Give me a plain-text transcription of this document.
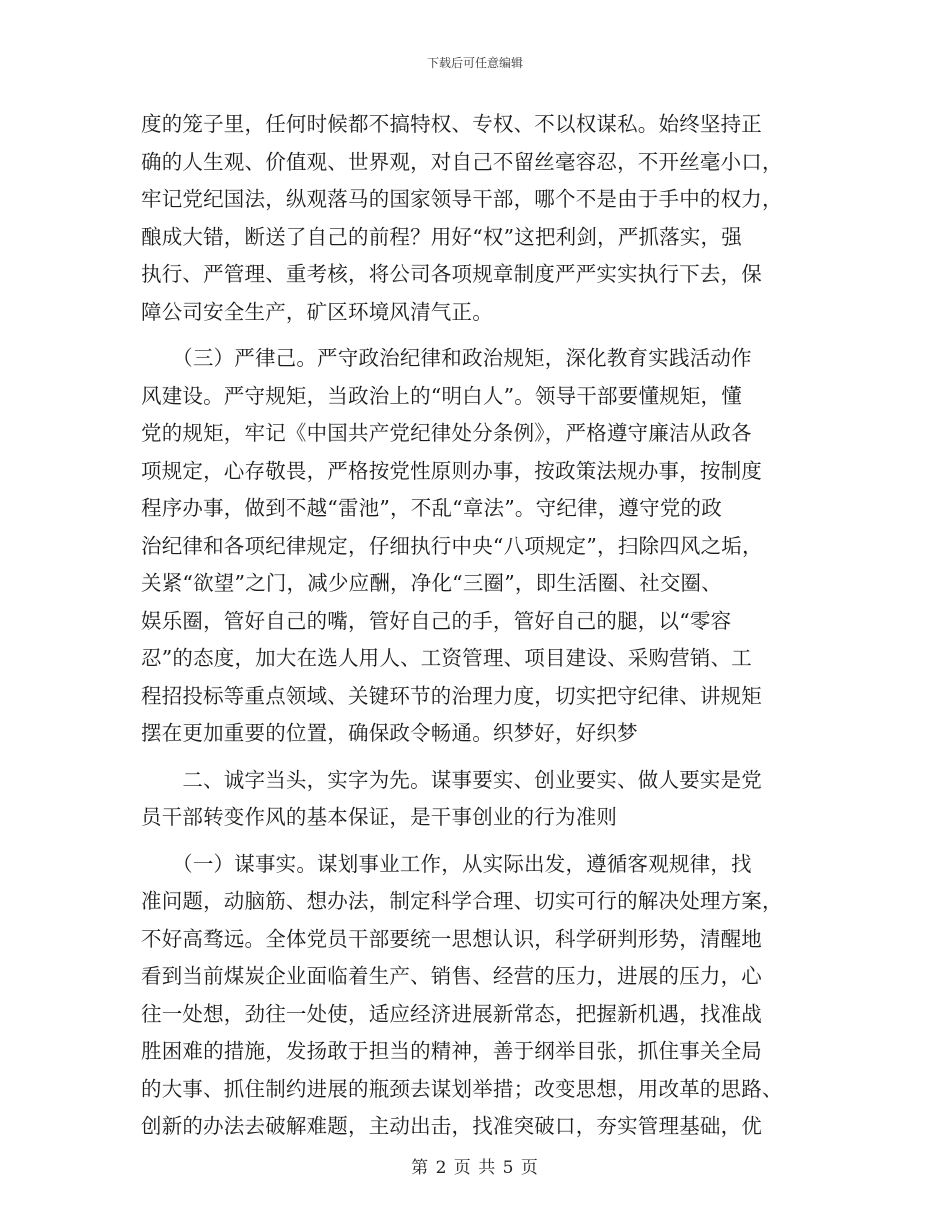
下载后可任意编辑
度的笼子里，任何时候都不搞特权、专权、不以权谋私。始终坚持正
确的人生观、价值观、世界观，对自己不留丝毫容忍，不开丝毫小口，
牢记党纪国法，纵观落马的国家领导干部，哪个不是由于手中的权力，
酿成大错，断送了自己的前程？用好“权”这把利剑，严抓落实，强
执行、严管理、重考核，将公司各项规章制度严严实实执行下去，保
障公司安全生产，矿区环境风清气正。
　　（三）严律己。严守政治纪律和政治规矩，深化教育实践活动作
风建设。严守规矩，当政治上的“明白人”。领导干部要懂规矩，懂
党的规矩，牢记《中国共产党纪律处分条例》，严格遵守廉洁从政各
项规定，心存敬畏，严格按党性原则办事，按政策法规办事，按制度
程序办事，做到不越“雷池”，不乱“章法”。守纪律，遵守党的政
治纪律和各项纪律规定，仔细执行中央“八项规定”，扫除四风之垢，
关紧“欲望”之门，减少应酬，净化“三圈”，即生活圈、社交圈、
娱乐圈，管好自己的嘴，管好自己的手，管好自己的腿，以“零容
忍”的态度，加大在选人用人、工资管理、项目建设、采购营销、工
程招投标等重点领域、关键环节的治理力度，切实把守纪律、讲规矩
摆在更加重要的位置，确保政令畅通。织梦好，好织梦
　　二、诚字当头，实字为先。谋事要实、创业要实、做人要实是党
员干部转变作风的基本保证，是干事创业的行为准则
　　（一）谋事实。谋划事业工作，从实际出发，遵循客观规律，找
准问题，动脑筋、想办法，制定科学合理、切实可行的解决处理方案，
不好高骛远。全体党员干部要统一思想认识，科学研判形势，清醒地
看到当前煤炭企业面临着生产、销售、经营的压力，进展的压力，心
往一处想，劲往一处使，适应经济进展新常态，把握新机遇，找准战
胜困难的措施，发扬敢于担当的精神，善于纲举目张，抓住事关全局
的大事、抓住制约进展的瓶颈去谋划举措；改变思想，用改革的思路、
创新的办法去破解难题，主动出击，找准突破口，夯实管理基础，优
第 2 页 共 5 页
